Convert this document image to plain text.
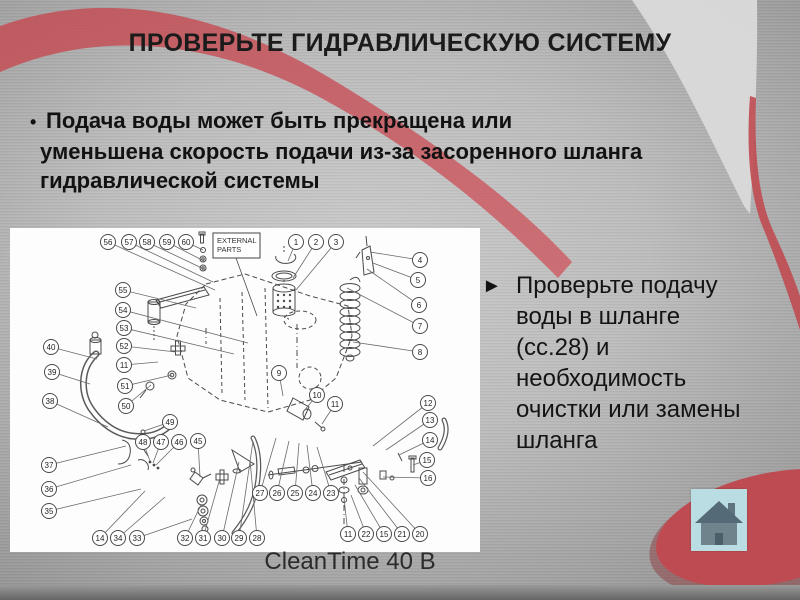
ПРОВЕРЬТЕ ГИДРАВЛИЧЕСКУЮ СИСТЕМУ
• Подача воды может быть прекращена или
уменьшена скорость подачи из-за засоренного шланга
гидравлической системы
EXTERNAL
PARTS
56 57 58 59 60	1 2 3
4
5
6
7
8
55
54
53
52
11
51
50
40
39
38
37
36
35
49
48 47 46 45
14 34 33	32 31 30 29 28
27 26 25 24 23
9
10
11	12
13
14
15
16
11 22 15 21 20
► Проверьте подачу
воды в шланге
(сс.28) и
необходимость
очистки или замены
шланга
CleanTime 40 B
